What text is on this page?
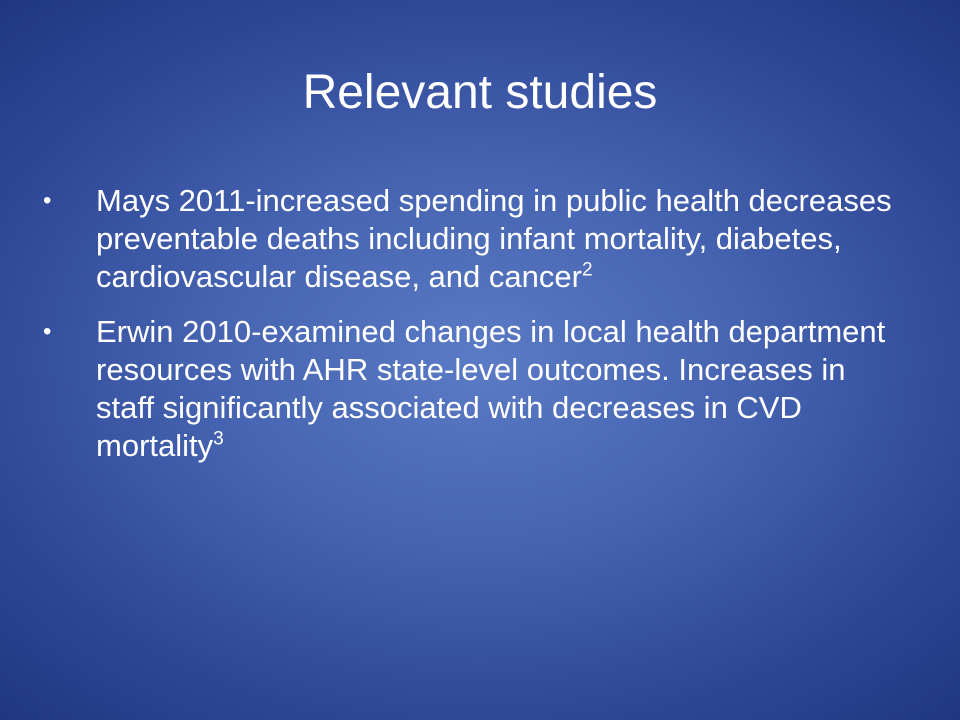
Relevant studies
• Mays 2011-increased spending in public health decreases preventable deaths including infant mortality, diabetes, cardiovascular disease, and cancer$^2$
• Erwin 2010-examined changes in local health department resources with AHR state-level outcomes. Increases in staff significantly associated with decreases in CVD mortality$^3$
